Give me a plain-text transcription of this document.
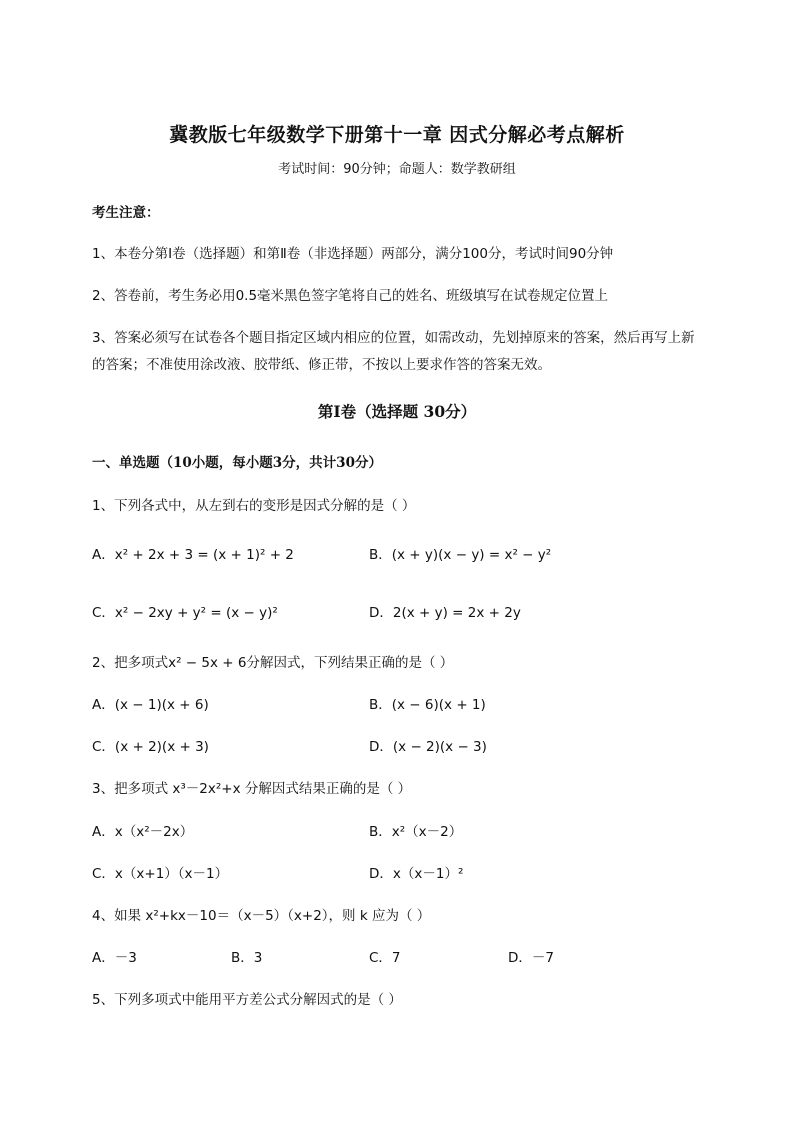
冀教版七年级数学下册第十一章 因式分解必考点解析
考试时间：90分钟；命题人：数学教研组
考生注意：
1、本卷分第I卷（选择题）和第Ⅱ卷（非选择题）两部分，满分100分，考试时间90分钟
2、答卷前，考生务必用0.5毫米黑色签字笔将自己的姓名、班级填写在试卷规定位置上
3、答案必须写在试卷各个题目指定区域内相应的位置，如需改动，先划掉原来的答案，然后再写上新
的答案；不准使用涂改液、胶带纸、修正带，不按以上要求作答的答案无效。
第I卷（选择题 30分）
一、单选题（10小题，每小题3分，共计30分）
1、下列各式中，从左到右的变形是因式分解的是（ ）
A．x² + 2x + 3 = (x + 1)² + 2	B．(x + y)(x − y) = x² − y²
C．x² − 2xy + y² = (x − y)²	D．2(x + y) = 2x + 2y
2、把多项式x² − 5x + 6分解因式，下列结果正确的是（ ）
A．(x − 1)(x + 6)	B．(x − 6)(x + 1)
C．(x + 2)(x + 3)	D．(x − 2)(x − 3)
3、把多项式 x³－2x²+x 分解因式结果正确的是（ ）
A．x（x²－2x）	B．x²（x－2）
C．x（x+1）（x－1）	D．x（x－1）²
4、如果 x²+kx－10＝（x－5）（x+2），则 k 应为（ ）
A．－3	B．3	C．7	D．－7
5、下列多项式中能用平方差公式分解因式的是（ ）
